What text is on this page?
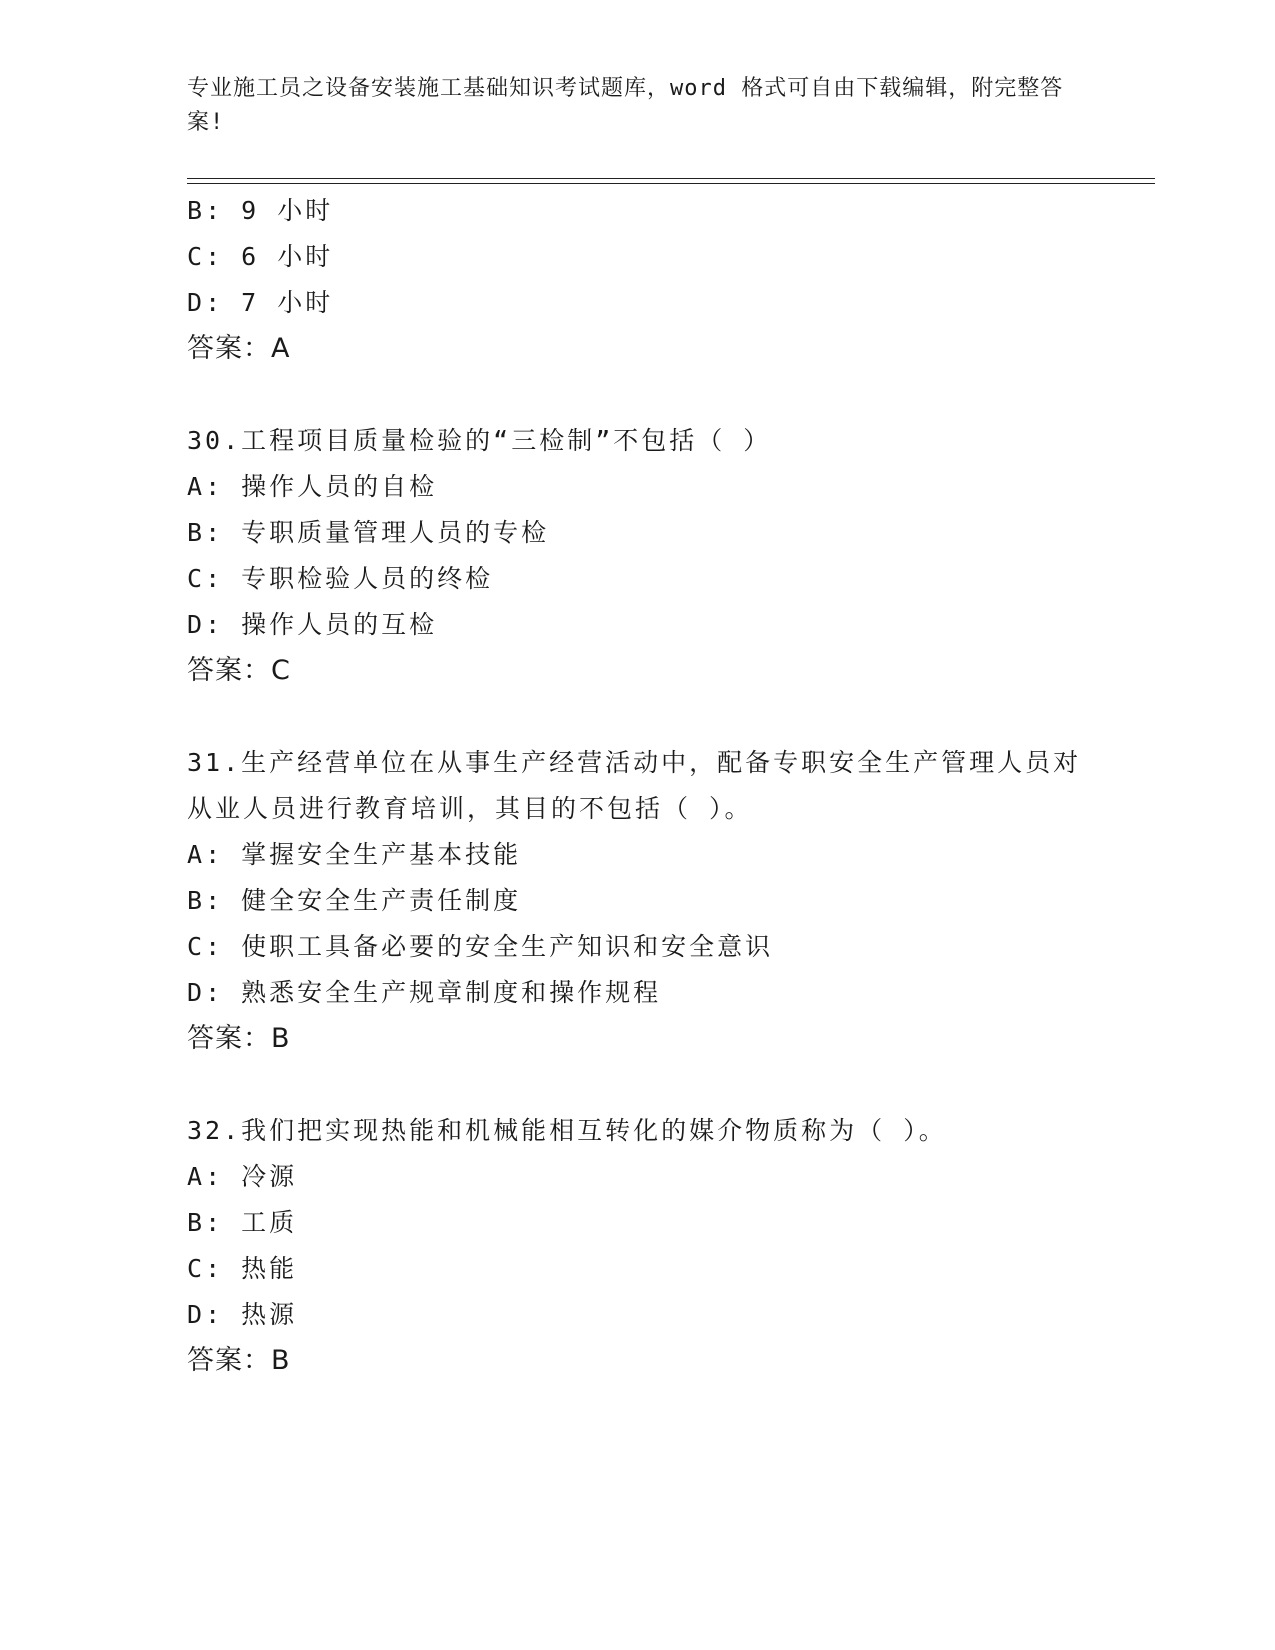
专业施工员之设备安装施工基础知识考试题库，word 格式可自由下载编辑，附完整答案!
B: 9 小时
C: 6 小时
D: 7 小时
答案：A
30.工程项目质量检验的“三检制”不包括（ ）
A: 操作人员的自检
B: 专职质量管理人员的专检
C: 专职检验人员的终检
D: 操作人员的互检
答案：C
31.生产经营单位在从事生产经营活动中，配备专职安全生产管理人员对从业人员进行教育培训，其目的不包括（ ）。
A: 掌握安全生产基本技能
B: 健全安全生产责任制度
C: 使职工具备必要的安全生产知识和安全意识
D: 熟悉安全生产规章制度和操作规程
答案：B
32.我们把实现热能和机械能相互转化的媒介物质称为（ ）。
A: 冷源
B: 工质
C: 热能
D: 热源
答案：B
